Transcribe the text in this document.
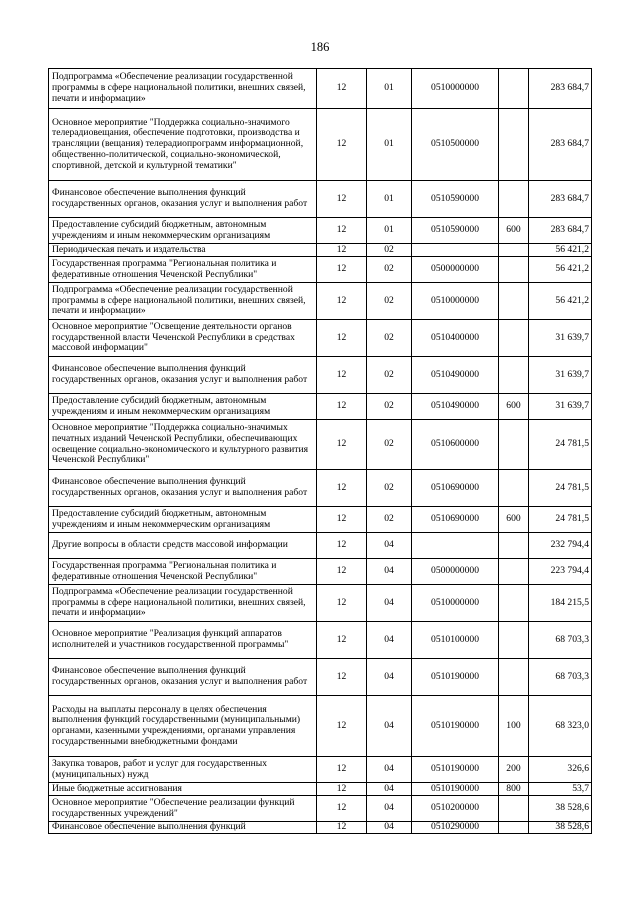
186
Подпрограмма «Обеспечение реализации государственной программы в сфере национальной политики, внешних связей, печати и информации»	12	01	0510000000		283 684,7
Основное мероприятие "Поддержка социально-значимого телерадиовещания, обеспечение подготовки, производства и трансляции (вещания) телерадиопрограмм информационной, общественно-политической, социально-экономической, спортивной, детской и культурной тематики"	12	01	0510500000		283 684,7
Финансовое обеспечение выполнения функций государственных органов, оказания услуг и выполнения работ	12	01	0510590000		283 684,7
Предоставление субсидий бюджетным, автономным учреждениям и иным некоммерческим организациям	12	01	0510590000	600	283 684,7
Периодическая печать и издательства	12	02			56 421,2
Государственная программа "Региональная политика и федеративные отношения Чеченской Республики"	12	02	0500000000		56 421,2
Подпрограмма «Обеспечение реализации государственной программы в сфере национальной политики, внешних связей, печати и информации»	12	02	0510000000		56 421,2
Основное мероприятие "Освещение деятельности органов государственной власти Чеченской Республики в средствах массовой информации"	12	02	0510400000		31 639,7
Финансовое обеспечение выполнения функций государственных органов, оказания услуг и выполнения работ	12	02	0510490000		31 639,7
Предоставление субсидий бюджетным, автономным учреждениям и иным некоммерческим организациям	12	02	0510490000	600	31 639,7
Основное мероприятие "Поддержка социально-значимых печатных изданий Чеченской Республики, обеспечивающих освещение социально-экономического и культурного развития Чеченской Республики"	12	02	0510600000		24 781,5
Финансовое обеспечение выполнения функций государственных органов, оказания услуг и выполнения работ	12	02	0510690000		24 781,5
Предоставление субсидий бюджетным, автономным учреждениям и иным некоммерческим организациям	12	02	0510690000	600	24 781,5
Другие вопросы в области средств массовой информации	12	04			232 794,4
Государственная программа "Региональная политика и федеративные отношения Чеченской Республики"	12	04	0500000000		223 794,4
Подпрограмма «Обеспечение реализации государственной программы в сфере национальной политики, внешних связей, печати и информации»	12	04	0510000000		184 215,5
Основное мероприятие "Реализация функций аппаратов исполнителей и участников государственной программы"	12	04	0510100000		68 703,3
Финансовое обеспечение выполнения функций государственных органов, оказания услуг и выполнения работ	12	04	0510190000		68 703,3
Расходы на выплаты персоналу в целях обеспечения выполнения функций государственными (муниципальными) органами, казенными учреждениями, органами управления государственными внебюджетными фондами	12	04	0510190000	100	68 323,0
Закупка товаров, работ и услуг для государственных (муниципальных) нужд	12	04	0510190000	200	326,6
Иные бюджетные ассигнования	12	04	0510190000	800	53,7
Основное мероприятие "Обеспечение реализации функций государственных учреждений"	12	04	0510200000		38 528,6
Финансовое обеспечение выполнения функций	12	04	0510290000		38 528,6
